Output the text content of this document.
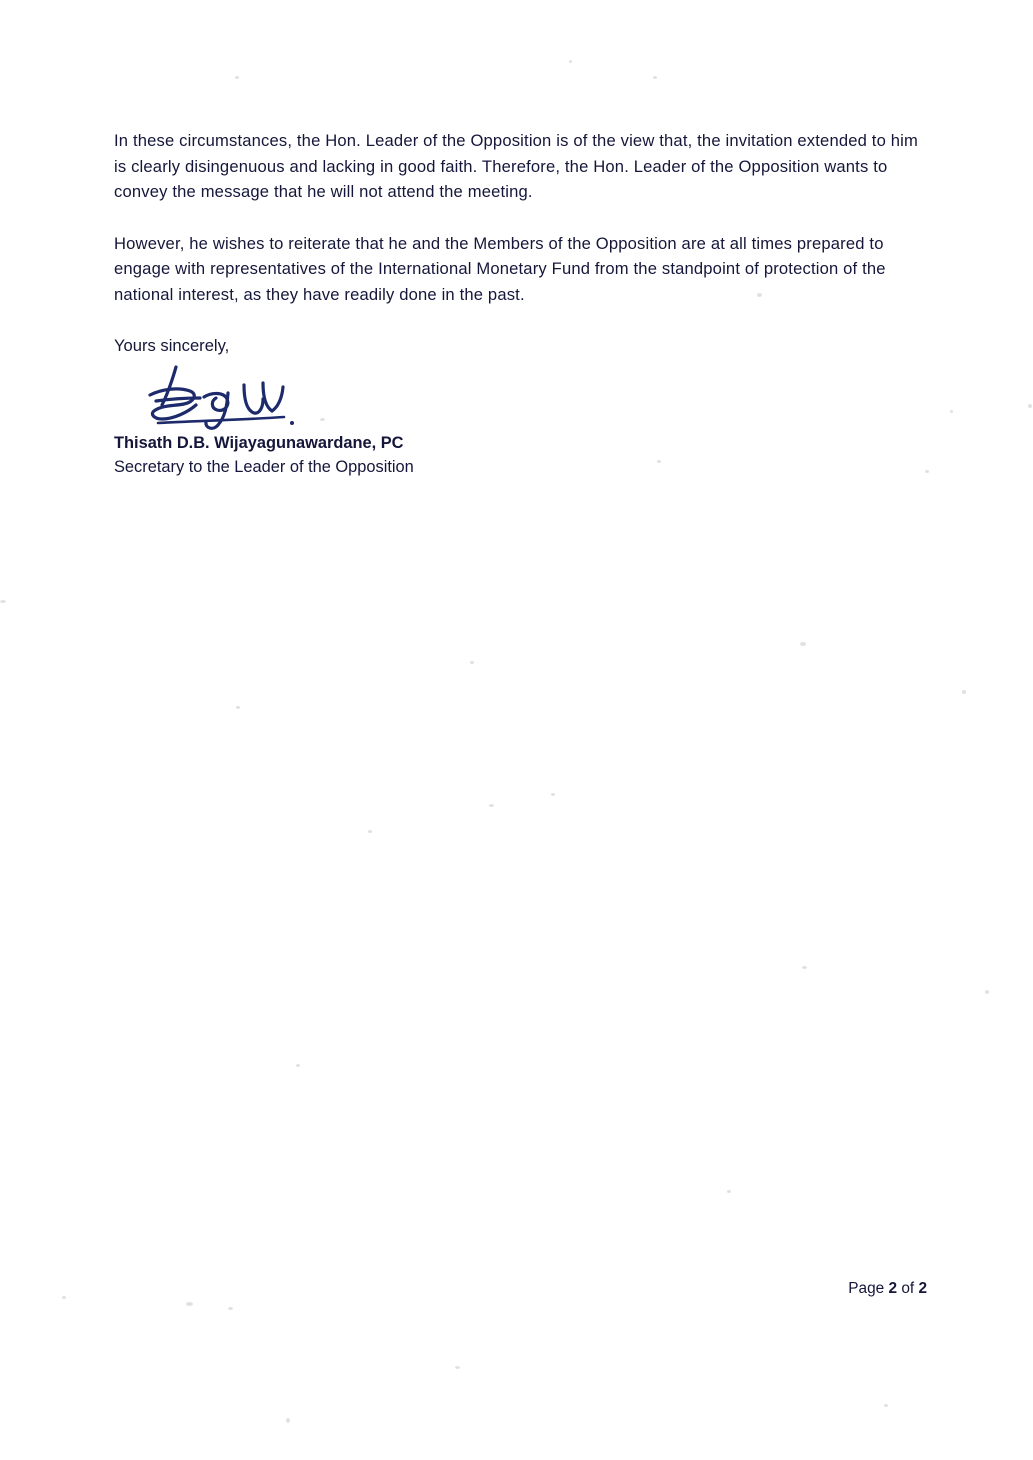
In these circumstances, the Hon. Leader of the Opposition is of the view that, the invitation extended to him is clearly disingenuous and lacking in good faith. Therefore, the Hon. Leader of the Opposition wants to convey the message that he will not attend the meeting.

However, he wishes to reiterate that he and the Members of the Opposition are at all times prepared to engage with representatives of the International Monetary Fund from the standpoint of protection of the national interest, as they have readily done in the past.

Yours sincerely,

Thisath D.B. Wijayagunawardane, PC

Secretary to the Leader of the Opposition

Page 2 of 2
